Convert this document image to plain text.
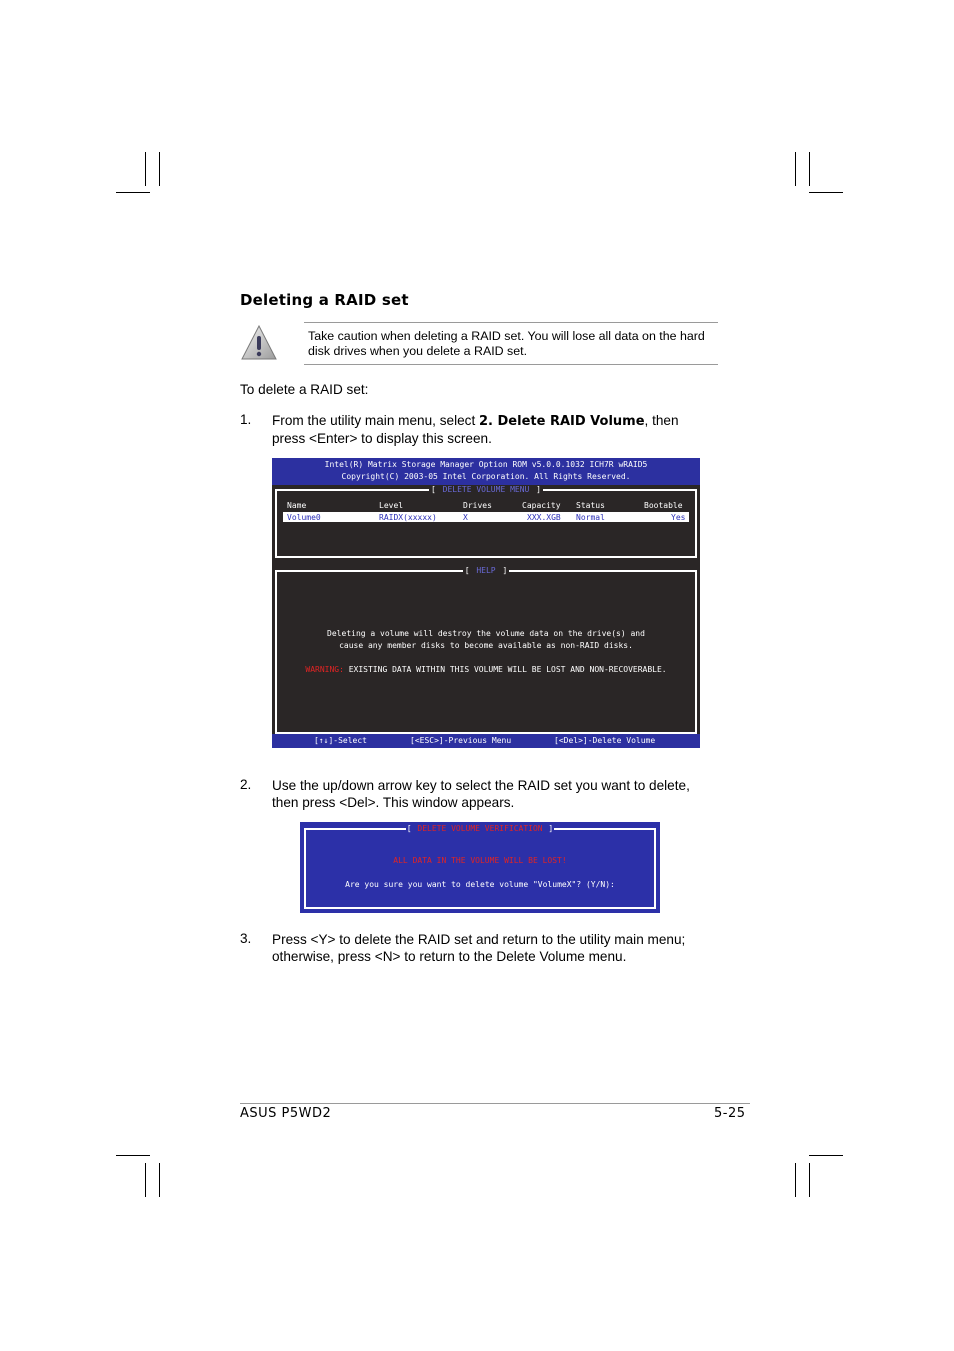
Deleting a RAID set
Take caution when deleting a RAID set. You will lose all data on the hard disk drives when you delete a RAID set.
To delete a RAID set:
1. From the utility main menu, select 2. Delete RAID Volume, then
press <Enter> to display this screen.
Intel(R) Matrix Storage Manager Option ROM v5.0.0.1032 ICH7R wRAID5
Copyright(C) 2003-05 Intel Corporation. All Rights Reserved.
[ DELETE VOLUME MENU ]
Name	Level	Drives	Capacity Status	Bootable
Volume0	RAIDX(xxxxx)	X	XXX.XGB Normal	Yes
[ HELP ]
Deleting a volume will destroy the volume data on the drive(s) and
cause any member disks to become available as non-RAID disks.
WARNING: EXISTING DATA WITHIN THIS VOLUME WILL BE LOST AND NON-RECOVERABLE.
[↑↓]-Select	[<ESC>]-Previous Menu	[<Del>]-Delete Volume
2. Use the up/down arrow key to select the RAID set you want to delete,
then press <Del>. This window appears.
[ DELETE VOLUME VERIFICATION ]
ALL DATA IN THE VOLUME WILL BE LOST!
Are you sure you want to delete volume "VolumeX"? (Y/N):
3. Press <Y> to delete the RAID set and return to the utility main menu;
otherwise, press <N> to return to the Delete Volume menu.
ASUS P5WD2	5-25
